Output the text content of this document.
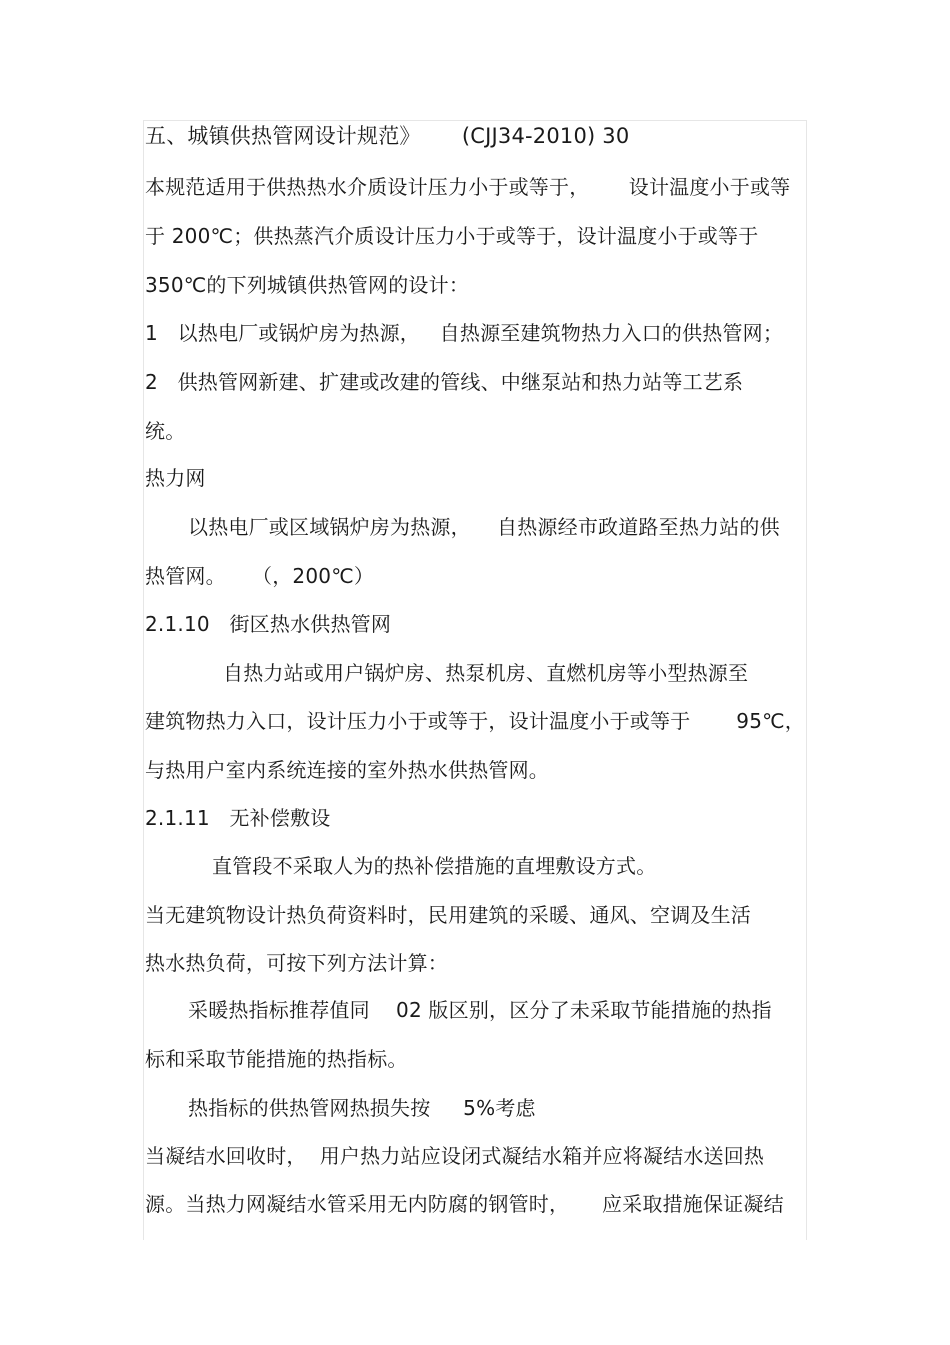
五、城镇供热管网设计规范》      (CJJ34-2010) 30
本规范适用于供热热水介质设计压力小于或等于，      设计温度小于或等
于 200℃；供热蒸汽介质设计压力小于或等于，设计温度小于或等于
350℃的下列城镇供热管网的设计：
1   以热电厂或锅炉房为热源，   自热源至建筑物热力入口的供热管网；
2   供热管网新建、扩建或改建的管线、中继泵站和热力站等工艺系
统。
热力网
以热电厂或区域锅炉房为热源，    自热源经市政道路至热力站的供
热管网。    （，200℃）
2.1.10   街区热水供热管网
自热力站或用户锅炉房、热泵机房、直燃机房等小型热源至
建筑物热力入口，设计压力小于或等于，设计温度小于或等于       95℃，
与热用户室内系统连接的室外热水供热管网。
2.1.11   无补偿敷设
直管段不采取人为的热补偿措施的直埋敷设方式。
当无建筑物设计热负荷资料时，民用建筑的采暖、通风、空调及生活
热水热负荷，可按下列方法计算：
采暖热指标推荐值同    02 版区别，区分了未采取节能措施的热指
标和采取节能措施的热指标。
热指标的供热管网热损失按     5%考虑
当凝结水回收时，  用户热力站应设闭式凝结水箱并应将凝结水送回热
源。当热力网凝结水管采用无内防腐的钢管时，     应采取措施保证凝结
